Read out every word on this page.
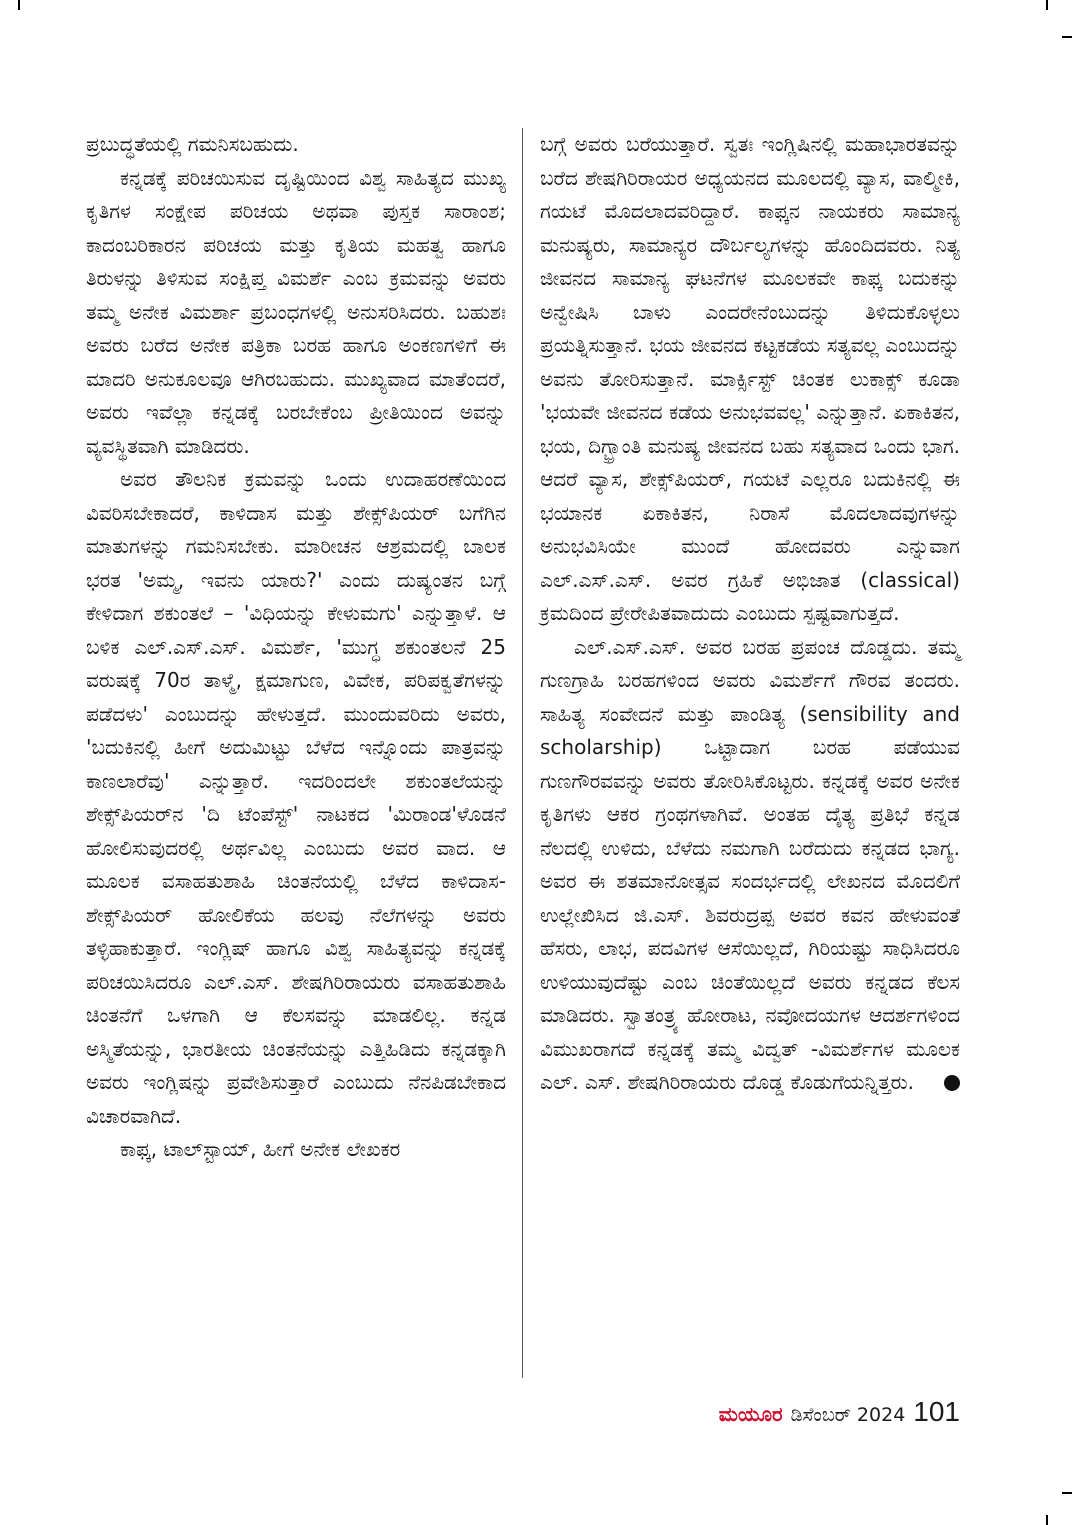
ಪ್ರಬುದ್ಧತೆಯಲ್ಲಿ ಗಮನಿಸಬಹುದು.

ಕನ್ನಡಕ್ಕೆ ಪರಿಚಯಿಸುವ ದೃಷ್ಟಿಯಿಂದ ವಿಶ್ವ ಸಾಹಿತ್ಯದ ಮುಖ್ಯ ಕೃತಿಗಳ ಸಂಕ್ಷೇಪ ಪರಿಚಯ ಅಥವಾ ಪುಸ್ತಕ ಸಾರಾಂಶ; ಕಾದಂಬರಿಕಾರನ ಪರಿಚಯ ಮತ್ತು ಕೃತಿಯ ಮಹತ್ವ ಹಾಗೂ ತಿರುಳನ್ನು ತಿಳಿಸುವ ಸಂಕ್ಷಿಪ್ತ ವಿಮರ್ಶೆ ಎಂಬ ಕ್ರಮವನ್ನು ಅವರು ತಮ್ಮ ಅನೇಕ ವಿಮರ್ಶಾ ಪ್ರಬಂಧಗಳಲ್ಲಿ ಅನುಸರಿಸಿದರು. ಬಹುಶಃ ಅವರು ಬರೆದ ಅನೇಕ ಪತ್ರಿಕಾ ಬರಹ ಹಾಗೂ ಅಂಕಣಗಳಿಗೆ ಈ ಮಾದರಿ ಅನುಕೂಲವೂ ಆಗಿರಬಹುದು. ಮುಖ್ಯವಾದ ಮಾತೆಂದರೆ, ಅವರು ಇವೆಲ್ಲಾ ಕನ್ನಡಕ್ಕೆ ಬರಬೇಕೆಂಬ ಪ್ರೀತಿಯಿಂದ ಅವನ್ನು ವ್ಯವಸ್ಥಿತವಾಗಿ ಮಾಡಿದರು.

ಅವರ ತೌಲನಿಕ ಕ್ರಮವನ್ನು ಒಂದು ಉದಾಹರಣೆಯಿಂದ ವಿವರಿಸಬೇಕಾದರೆ, ಕಾಳಿದಾಸ ಮತ್ತು ಶೇಕ್ಸ್‌ಪಿಯರ್ ಬಗೆಗಿನ ಮಾತುಗಳನ್ನು ಗಮನಿಸಬೇಕು. ಮಾರೀಚನ ಆಶ್ರಮದಲ್ಲಿ ಬಾಲಕ ಭರತ 'ಅಮ್ಮ, ಇವನು ಯಾರು?' ಎಂದು ದುಷ್ಯಂತನ ಬಗ್ಗೆ ಕೇಳಿದಾಗ ಶಕುಂತಲೆ – 'ವಿಧಿಯನ್ನು ಕೇಳುಮಗು' ಎನ್ನುತ್ತಾಳೆ. ಆ ಬಳಿಕ ಎಲ್.ಎಸ್.ಎಸ್. ವಿಮರ್ಶೆ, 'ಮುಗ್ಧ ಶಕುಂತಲನೆ 25 ವರುಷಕ್ಕೆ 70ರ ತಾಳ್ಮೆ, ಕ್ಷಮಾಗುಣ, ವಿವೇಕ, ಪರಿಪಕ್ವತೆಗಳನ್ನು ಪಡೆದಳು' ಎಂಬುದನ್ನು ಹೇಳುತ್ತದೆ. ಮುಂದುವರಿದು ಅವರು, 'ಬದುಕಿನಲ್ಲಿ ಹೀಗೆ ಅದುಮಿಟ್ಟು ಬೆಳೆದ ಇನ್ನೊಂದು ಪಾತ್ರವನ್ನು ಕಾಣಲಾರೆವು' ಎನ್ನುತ್ತಾರೆ. ಇದರಿಂದಲೇ ಶಕುಂತಲೆಯನ್ನು ಶೇಕ್ಸ್‌ಪಿಯರ್‌ನ 'ದಿ ಟೆಂಪೆಸ್ಟ್' ನಾಟಕದ 'ಮಿರಾಂಡ'ಳೊಡನೆ ಹೋಲಿಸುವುದರಲ್ಲಿ ಅರ್ಥವಿಲ್ಲ ಎಂಬುದು ಅವರ ವಾದ. ಆ ಮೂಲಕ ವಸಾಹತುಶಾಹಿ ಚಿಂತನೆಯಲ್ಲಿ ಬೆಳೆದ ಕಾಳಿದಾಸ-ಶೇಕ್ಸ್‌ಪಿಯರ್ ಹೋಲಿಕೆಯ ಹಲವು ನೆಲೆಗಳನ್ನು ಅವರು ತಳ್ಳಿಹಾಕುತ್ತಾರೆ. ಇಂಗ್ಲಿಷ್ ಹಾಗೂ ವಿಶ್ವ ಸಾಹಿತ್ಯವನ್ನು ಕನ್ನಡಕ್ಕೆ ಪರಿಚಯಿಸಿದರೂ ಎಲ್.ಎಸ್. ಶೇಷಗಿರಿರಾಯರು ವಸಾಹತುಶಾಹಿ ಚಿಂತನೆಗೆ ಒಳಗಾಗಿ ಆ ಕೆಲಸವನ್ನು ಮಾಡಲಿಲ್ಲ. ಕನ್ನಡ ಅಸ್ಮಿತೆಯನ್ನು, ಭಾರತೀಯ ಚಿಂತನೆಯನ್ನು ಎತ್ತಿಹಿಡಿದು ಕನ್ನಡಕ್ಕಾಗಿ ಅವರು ಇಂಗ್ಲಿಷನ್ನು ಪ್ರವೇಶಿಸುತ್ತಾರೆ ಎಂಬುದು ನೆನಪಿಡಬೇಕಾದ ವಿಚಾರವಾಗಿದೆ.

ಕಾಫ್ಕ, ಟಾಲ್‌ಸ್ಟಾಯ್, ಹೀಗೆ ಅನೇಕ ಲೇಖಕರ

ಬಗ್ಗೆ ಅವರು ಬರೆಯುತ್ತಾರೆ. ಸ್ವತಃ ಇಂಗ್ಲಿಷಿನಲ್ಲಿ ಮಹಾಭಾರತವನ್ನು ಬರೆದ ಶೇಷಗಿರಿರಾಯರ ಅಧ್ಯಯನದ ಮೂಲದಲ್ಲಿ ವ್ಯಾಸ, ವಾಲ್ಮೀಕಿ, ಗಯಟೆ ಮೊದಲಾದವರಿದ್ದಾರೆ. ಕಾಫ್ಕನ ನಾಯಕರು ಸಾಮಾನ್ಯ ಮನುಷ್ಯರು, ಸಾಮಾನ್ಯರ ದೌರ್ಬಲ್ಯಗಳನ್ನು ಹೊಂದಿದವರು. ನಿತ್ಯ ಜೀವನದ ಸಾಮಾನ್ಯ ಘಟನೆಗಳ ಮೂಲಕವೇ ಕಾಫ್ಕ ಬದುಕನ್ನು ಅನ್ವೇಷಿಸಿ ಬಾಳು ಎಂದರೇನೆಂಬುದನ್ನು ತಿಳಿದುಕೊಳ್ಳಲು ಪ್ರಯತ್ನಿಸುತ್ತಾನೆ. ಭಯ ಜೀವನದ ಕಟ್ಟಕಡೆಯ ಸತ್ಯವಲ್ಲ ಎಂಬುದನ್ನು ಅವನು ತೋರಿಸುತ್ತಾನೆ. ಮಾರ್ಕ್ಸಿಸ್ಟ್ ಚಿಂತಕ ಲುಕಾಕ್ಸ್ ಕೂಡಾ 'ಭಯವೇ ಜೀವನದ ಕಡೆಯ ಅನುಭವವಲ್ಲ' ಎನ್ನುತ್ತಾನೆ. ಏಕಾಕಿತನ, ಭಯ, ದಿಗ್ಭ್ರಾಂತಿ ಮನುಷ್ಯ ಜೀವನದ ಬಹು ಸತ್ಯವಾದ ಒಂದು ಭಾಗ. ಆದರೆ ವ್ಯಾಸ, ಶೇಕ್ಸ್‌ಪಿಯರ್, ಗಯಟೆ ಎಲ್ಲರೂ ಬದುಕಿನಲ್ಲಿ ಈ ಭಯಾನಕ ಏಕಾಕಿತನ, ನಿರಾಸೆ ಮೊದಲಾದವುಗಳನ್ನು ಅನುಭವಿಸಿಯೇ ಮುಂದೆ ಹೋದವರು ಎನ್ನುವಾಗ ಎಲ್.ಎಸ್.ಎಸ್. ಅವರ ಗ್ರಹಿಕೆ ಅಭಿಜಾತ (classical) ಕ್ರಮದಿಂದ ಪ್ರೇರೇಪಿತವಾದುದು ಎಂಬುದು ಸ್ಪಷ್ಟವಾಗುತ್ತದೆ.

ಎಲ್.ಎಸ್.ಎಸ್. ಅವರ ಬರಹ ಪ್ರಪಂಚ ದೊಡ್ಡದು. ತಮ್ಮ ಗುಣಗ್ರಾಹಿ ಬರಹಗಳಿಂದ ಅವರು ವಿಮರ್ಶೆಗೆ ಗೌರವ ತಂದರು. ಸಾಹಿತ್ಯ ಸಂವೇದನೆ ಮತ್ತು ಪಾಂಡಿತ್ಯ (sensibility and scholarship) ಒಟ್ಟಾದಾಗ ಬರಹ ಪಡೆಯುವ ಗುಣಗೌರವವನ್ನು ಅವರು ತೋರಿಸಿಕೊಟ್ಟರು. ಕನ್ನಡಕ್ಕೆ ಅವರ ಅನೇಕ ಕೃತಿಗಳು ಆಕರ ಗ್ರಂಥಗಳಾಗಿವೆ. ಅಂತಹ ದೈತ್ಯ ಪ್ರತಿಭೆ ಕನ್ನಡ ನೆಲದಲ್ಲಿ ಉಳಿದು, ಬೆಳೆದು ನಮಗಾಗಿ ಬರೆದುದು ಕನ್ನಡದ ಭಾಗ್ಯ. ಅವರ ಈ ಶತಮಾನೋತ್ಸವ ಸಂದರ್ಭದಲ್ಲಿ ಲೇಖನದ ಮೊದಲಿಗೆ ಉಲ್ಲೇಖಿಸಿದ ಜಿ.ಎಸ್. ಶಿವರುದ್ರಪ್ಪ ಅವರ ಕವನ ಹೇಳುವಂತೆ ಹೆಸರು, ಲಾಭ, ಪದವಿಗಳ ಆಸೆಯಿಲ್ಲದೆ, ಗಿರಿಯಷ್ಟು ಸಾಧಿಸಿದರೂ ಉಳಿಯುವುದೆಷ್ಟು ಎಂಬ ಚಿಂತೆಯಿಲ್ಲದೆ ಅವರು ಕನ್ನಡದ ಕೆಲಸ ಮಾಡಿದರು. ಸ್ವಾತಂತ್ರ್ಯ ಹೋರಾಟ, ನವೋದಯಗಳ ಆದರ್ಶಗಳಿಂದ ವಿಮುಖರಾಗದೆ ಕನ್ನಡಕ್ಕೆ ತಮ್ಮ ವಿದ್ವತ್ -ವಿಮರ್ಶೆಗಳ ಮೂಲಕ ಎಲ್. ಎಸ್. ಶೇಷಗಿರಿರಾಯರು ದೊಡ್ಡ ಕೊಡುಗೆಯನ್ನಿತ್ತರು.

ಮಯೂರ ಡಿಸೆಂಬರ್ 2024 101
